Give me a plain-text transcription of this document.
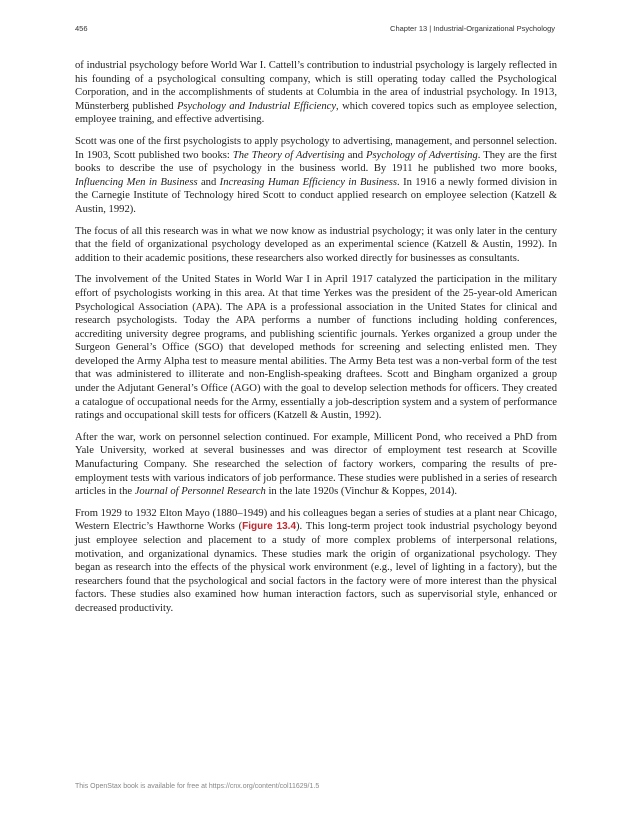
456	Chapter 13 | Industrial-Organizational Psychology

of industrial psychology before World War I. Cattell’s contribution to industrial psychology is largely reflected in his founding of a psychological consulting company, which is still operating today called the Psychological Corporation, and in the accomplishments of students at Columbia in the area of industrial psychology. In 1913, Münsterberg published Psychology and Industrial Efficiency, which covered topics such as employee selection, employee training, and effective advertising.

Scott was one of the first psychologists to apply psychology to advertising, management, and personnel selection. In 1903, Scott published two books: The Theory of Advertising and Psychology of Advertising. They are the first books to describe the use of psychology in the business world. By 1911 he published two more books, Influencing Men in Business and Increasing Human Efficiency in Business. In 1916 a newly formed division in the Carnegie Institute of Technology hired Scott to conduct applied research on employee selection (Katzell & Austin, 1992).

The focus of all this research was in what we now know as industrial psychology; it was only later in the century that the field of organizational psychology developed as an experimental science (Katzell & Austin, 1992). In addition to their academic positions, these researchers also worked directly for businesses as consultants.

The involvement of the United States in World War I in April 1917 catalyzed the participation in the military effort of psychologists working in this area. At that time Yerkes was the president of the 25-year-old American Psychological Association (APA). The APA is a professional association in the United States for clinical and research psychologists. Today the APA performs a number of functions including holding conferences, accrediting university degree programs, and publishing scientific journals. Yerkes organized a group under the Surgeon General’s Office (SGO) that developed methods for screening and selecting enlisted men. They developed the Army Alpha test to measure mental abilities. The Army Beta test was a non-verbal form of the test that was administered to illiterate and non-English-speaking draftees. Scott and Bingham organized a group under the Adjutant General’s Office (AGO) with the goal to develop selection methods for officers. They created a catalogue of occupational needs for the Army, essentially a job-description system and a system of performance ratings and occupational skill tests for officers (Katzell & Austin, 1992).

After the war, work on personnel selection continued. For example, Millicent Pond, who received a PhD from Yale University, worked at several businesses and was director of employment test research at Scoville Manufacturing Company. She researched the selection of factory workers, comparing the results of pre-employment tests with various indicators of job performance. These studies were published in a series of research articles in the Journal of Personnel Research in the late 1920s (Vinchur & Koppes, 2014).

From 1929 to 1932 Elton Mayo (1880–1949) and his colleagues began a series of studies at a plant near Chicago, Western Electric’s Hawthorne Works (Figure 13.4). This long-term project took industrial psychology beyond just employee selection and placement to a study of more complex problems of interpersonal relations, motivation, and organizational dynamics. These studies mark the origin of organizational psychology. They began as research into the effects of the physical work environment (e.g., level of lighting in a factory), but the researchers found that the psychological and social factors in the factory were of more interest than the physical factors. These studies also examined how human interaction factors, such as supervisorial style, enhanced or decreased productivity.

This OpenStax book is available for free at https://cnx.org/content/col11629/1.5
